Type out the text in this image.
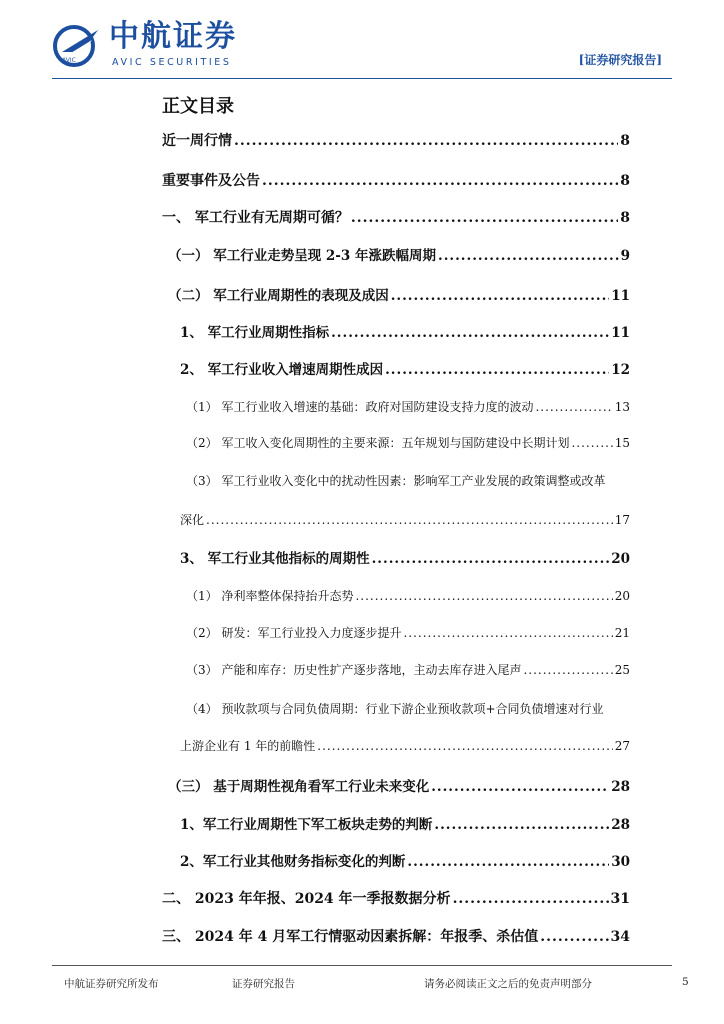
AVIC
中航证券
AVIC SECURITIES	[证券研究报告]
正文目录
近一周行情 .....	8
重要事件及公告 .....	8
一、 军工行业有无周期可循？ .....	8
（一） 军工行业走势呈现 2-3 年涨跌幅周期 .....	9
（二） 军工行业周期性的表现及成因 .....	11
1、 军工行业周期性指标 .....	11
2、 军工行业收入增速周期性成因 .....	12
（1） 军工行业收入增速的基础：政府对国防建设支持力度的波动 .....	13
（2） 军工收入变化周期性的主要来源：五年规划与国防建设中长期计划 .....	15
（3） 军工行业收入变化中的扰动性因素：影响军工产业发展的政策调整或改革
深化 .....	17
3、 军工行业其他指标的周期性 .....	20
（1） 净利率整体保持抬升态势 .....	20
（2） 研发：军工行业投入力度逐步提升 .....	21
（3） 产能和库存：历史性扩产逐步落地，主动去库存进入尾声 .....	25
（4） 预收款项与合同负债周期：行业下游企业预收款项+合同负债增速对行业
上游企业有 1 年的前瞻性 .....	27
（三） 基于周期性视角看军工行业未来变化 .....	28
1、军工行业周期性下军工板块走势的判断 .....	28
2、军工行业其他财务指标变化的判断 .....	30
二、 2023 年年报、2024 年一季报数据分析 .....	31
三、 2024 年 4 月军工行情驱动因素拆解：年报季、杀估值 .....	34
中航证券研究所发布	证券研究报告	请务必阅读正文之后的免责声明部分	5
